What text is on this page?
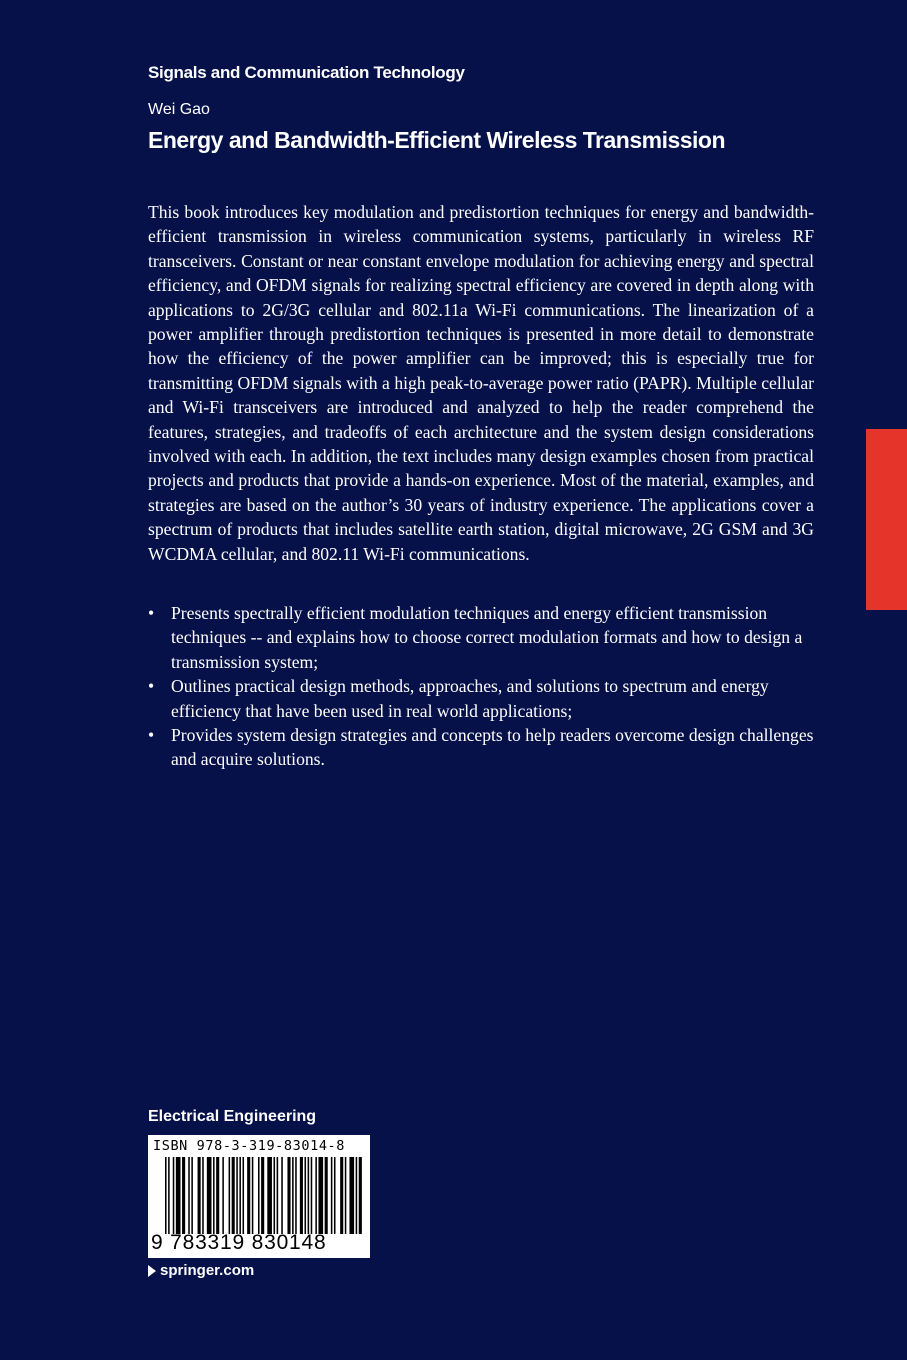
Signals and Communication Technology
Wei Gao
Energy and Bandwidth-Efficient Wireless Transmission

This book introduces key modulation and predistortion techniques for energy and bandwidth-efficient transmission in wireless communication systems, particularly in wireless RF transceivers. Constant or near constant envelope modulation for achieving energy and spectral efficiency, and OFDM signals for realizing spectral efficiency are covered in depth along with applications to 2G/3G cellular and 802.11a Wi-Fi communications. The linearization of a power amplifier through predistortion techniques is presented in more detail to demonstrate how the efficiency of the power amplifier can be improved; this is especially true for transmitting OFDM signals with a high peak-to-average power ratio (PAPR). Multiple cellular and Wi-Fi transceivers are introduced and analyzed to help the reader comprehend the features, strategies, and tradeoffs of each architecture and the system design considerations involved with each. In addition, the text includes many design examples chosen from practical projects and products that provide a hands-on experience. Most of the material, examples, and strategies are based on the author’s 30 years of industry experience. The applications cover a spectrum of products that includes satellite earth station, digital microwave, 2G GSM and 3G WCDMA cellular, and 802.11 Wi-Fi communications.

• Presents spectrally efficient modulation techniques and energy efficient transmission techniques -- and explains how to choose correct modulation formats and how to design a transmission system;
• Outlines practical design methods, approaches, and solutions to spectrum and energy efficiency that have been used in real world applications;
• Provides system design strategies and concepts to help readers overcome design challenges and acquire solutions.
Electrical Engineering
ISBN 978-3-319-83014-8
9 783319 830148
springer.com
